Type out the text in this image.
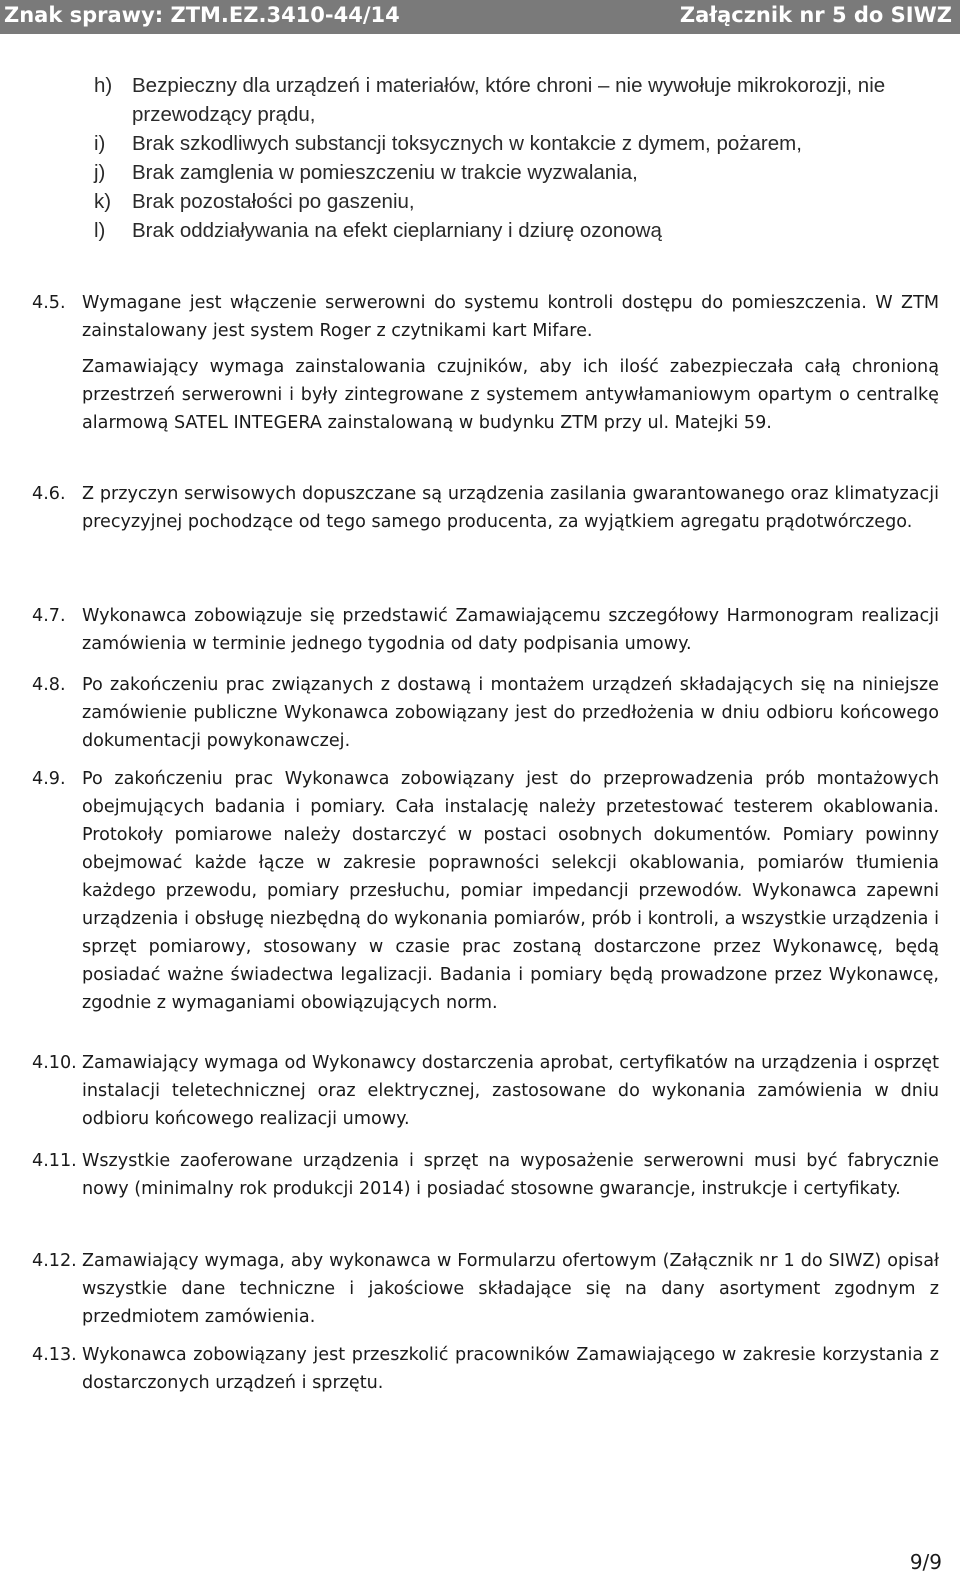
Znak sprawy: ZTM.EZ.3410-44/14	Załącznik nr 5 do SIWZ
h) Bezpieczny dla urządzeń i materiałów, które chroni – nie wywołuje mikrokorozji, nie przewodzący prądu,
i)	Brak szkodliwych substancji toksycznych w kontakcie z dymem, pożarem,
j)	Brak zamglenia w pomieszczeniu w trakcie wyzwalania,
k)	Brak pozostałości po gaszeniu,
l)	Brak oddziaływania na efekt cieplarniany i dziurę ozonową
4.5. Wymagane jest włączenie serwerowni do systemu kontroli dostępu do pomieszczenia. W ZTM zainstalowany jest system Roger z czytnikami kart Mifare.

Zamawiający wymaga zainstalowania czujników, aby ich ilość zabezpieczała całą chronioną przestrzeń serwerowni i były zintegrowane z systemem antywłamaniowym opartym o centralkę alarmową SATEL INTEGERA zainstalowaną w budynku ZTM przy ul. Matejki 59.

4.6. Z przyczyn serwisowych dopuszczane są urządzenia zasilania gwarantowanego oraz klimatyzacji precyzyjnej pochodzące od tego samego producenta, za wyjątkiem agregatu prądotwórczego.

4.7. Wykonawca zobowiązuje się przedstawić Zamawiającemu szczegółowy Harmonogram realizacji zamówienia w terminie jednego tygodnia od daty podpisania umowy.

4.8. Po zakończeniu prac związanych z dostawą i montażem urządzeń składających się na niniejsze zamówienie publiczne Wykonawca zobowiązany jest do przedłożenia w dniu odbioru końcowego dokumentacji powykonawczej.

4.9. Po zakończeniu prac Wykonawca zobowiązany jest do przeprowadzenia prób montażowych obejmujących badania i pomiary. Cała instalację należy przetestować testerem okablowania. Protokoły pomiarowe należy dostarczyć w postaci osobnych dokumentów. Pomiary powinny obejmować każde łącze w zakresie poprawności selekcji okablowania, pomiarów tłumienia każdego przewodu, pomiary przesłuchu, pomiar impedancji przewodów. Wykonawca zapewni urządzenia i obsługę niezbędną do wykonania pomiarów, prób i kontroli, a wszystkie urządzenia i sprzęt pomiarowy, stosowany w czasie prac zostaną dostarczone przez Wykonawcę, będą posiadać ważne świadectwa legalizacji. Badania i pomiary będą prowadzone przez Wykonawcę, zgodnie z wymaganiami obowiązujących norm.

4.10. Zamawiający wymaga od Wykonawcy dostarczenia aprobat, certyfikatów na urządzenia i osprzęt instalacji teletechnicznej oraz elektrycznej, zastosowane do wykonania zamówienia w dniu odbioru końcowego realizacji umowy.

4.11. Wszystkie zaoferowane urządzenia i sprzęt na wyposażenie serwerowni musi być fabrycznie nowy (minimalny rok produkcji 2014) i posiadać stosowne gwarancje, instrukcje i certyfikaty.

4.12. Zamawiający wymaga, aby wykonawca w Formularzu ofertowym (Załącznik nr 1 do SIWZ) opisał wszystkie dane techniczne i jakościowe składające się na dany asortyment zgodnym z przedmiotem zamówienia.

4.13. Wykonawca zobowiązany jest przeszkolić pracowników Zamawiającego w zakresie korzystania z dostarczonych urządzeń i sprzętu.

9/9
